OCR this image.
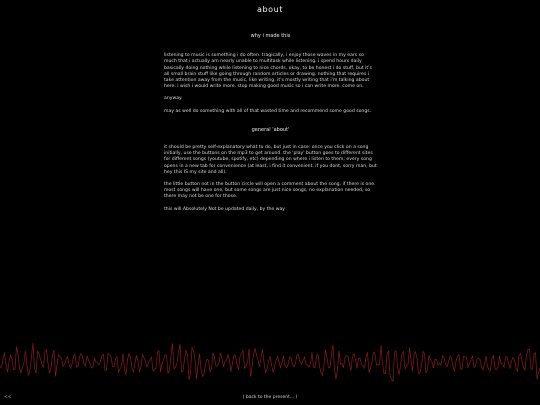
about
why i made this

listening to music is something i do often. tragically, i enjoy those waves in my ears so much that i actually am nearly unable to multitask while listening. i spend hours daily basically doing nothing while listening to nice chords. okay, to be honest i do stuff, but it's all small brain stuff like going through random articles or drawing. nothing that requires i take attention away from the music, like writing. it's mostly writing that i'm talking about here. i wish i would write more. stop making good music so i can write more. come on.

anyway.

may as well do something with all of that wasted time and recommend some good songs.

general 'about'

it should be pretty self-explanatory what to do, but just in case: once you click on a song initially, use the buttons on the mp3 to get around. the 'play' button goes to different sites for different songs (youtube, spotify, etc) depending on where i listen to them; every song opens in a new tab for convenience (at least, i find it convenient. if you dont, sorry man, but hey this IS my site and all).

the little button not in the button circle will open a comment about the song, if there is one. most songs will have one, but some songs are just nice songs, no explanation needed, so there may not be one for those.

this will Absolutely Not be updated daily, by the way

<<	( back to the present... )
